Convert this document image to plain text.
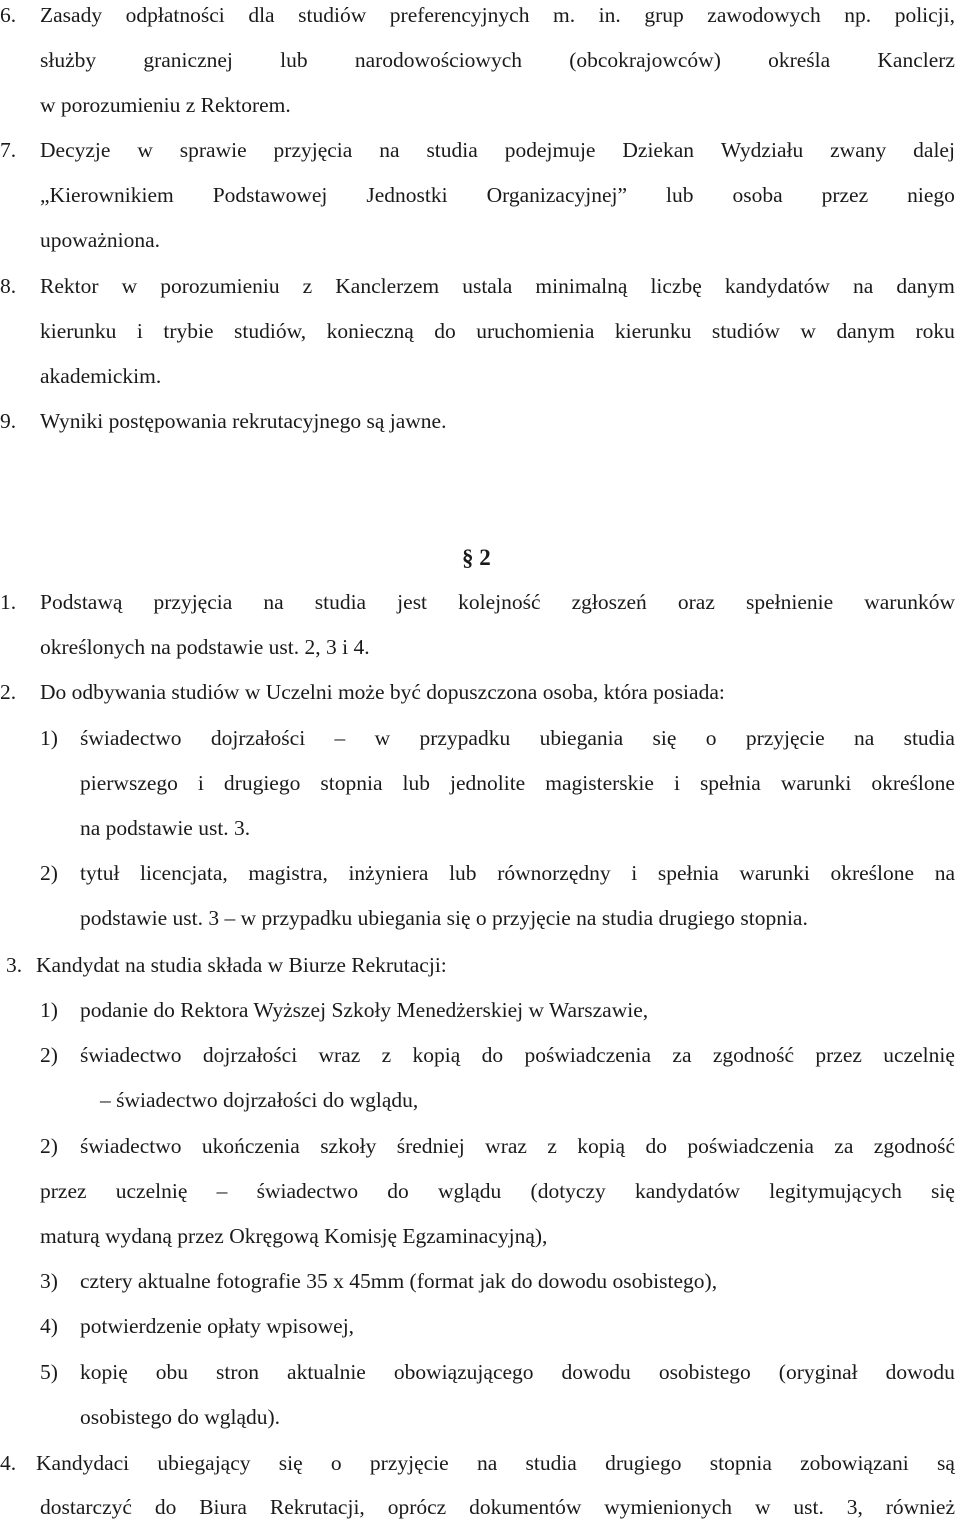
6. Zasady odpłatności dla studiów preferencyjnych m. in. grup zawodowych np. policji,
służby granicznej lub narodowościowych (obcokrajowców) określa Kanclerz
w porozumieniu z Rektorem.
7. Decyzje w sprawie przyjęcia na studia podejmuje Dziekan Wydziału zwany dalej
„Kierownikiem Podstawowej Jednostki Organizacyjnej” lub osoba przez niego
upoważniona.
8. Rektor w porozumieniu z Kanclerzem ustala minimalną liczbę kandydatów na danym
kierunku i trybie studiów, konieczną do uruchomienia kierunku studiów w danym roku
akademickim.
9. Wyniki postępowania rekrutacyjnego są jawne.
§ 2
1. Podstawą przyjęcia na studia jest kolejność zgłoszeń oraz spełnienie warunków
określonych na podstawie ust. 2, 3 i 4.
2. Do odbywania studiów w Uczelni może być dopuszczona osoba, która posiada:
1) świadectwo dojrzałości – w przypadku ubiegania się o przyjęcie na studia
pierwszego i drugiego stopnia lub jednolite magisterskie i spełnia warunki określone
na podstawie ust. 3.
2) tytuł licencjata, magistra, inżyniera lub równorzędny i spełnia warunki określone na
podstawie ust. 3 – w przypadku ubiegania się o przyjęcie na studia drugiego stopnia.
3. Kandydat na studia składa w Biurze Rekrutacji:
1) podanie do Rektora Wyższej Szkoły Menedżerskiej w Warszawie,
2) świadectwo dojrzałości wraz z kopią do poświadczenia za zgodność przez uczelnię
– świadectwo dojrzałości do wglądu,
2) świadectwo ukończenia szkoły średniej wraz z kopią do poświadczenia za zgodność
przez uczelnię – świadectwo do wglądu (dotyczy kandydatów legitymujących się
maturą wydaną przez Okręgową Komisję Egzaminacyjną),
3) cztery aktualne fotografie 35 x 45mm (format jak do dowodu osobistego),
4) potwierdzenie opłaty wpisowej,
5) kopię obu stron aktualnie obowiązującego dowodu osobistego (oryginał dowodu
osobistego do wglądu).
4. Kandydaci ubiegający się o przyjęcie na studia drugiego stopnia zobowiązani są
dostarczyć do Biura Rekrutacji, oprócz dokumentów wymienionych w ust. 3, również
